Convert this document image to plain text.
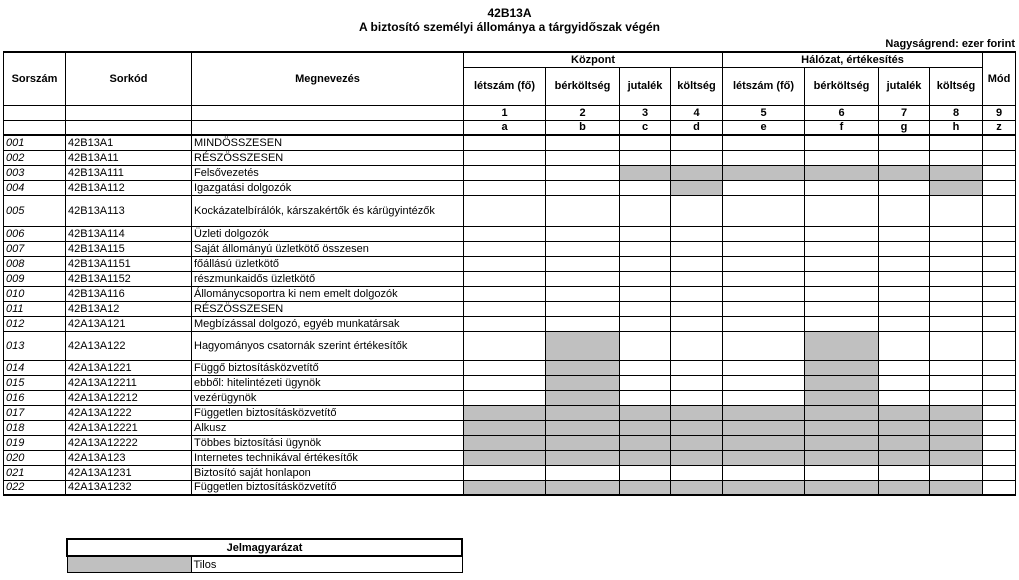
42B13A
A biztosító személyi állománya a tárgyidőszak végén
Nagyságrend: ezer forint
Sorszám	Sorkód	Megnevezés	Központ				Hálózat, értékesítés				Mód
			létszám (fő)	bérköltség	jutalék	költség	létszám (fő)	bérköltség	jutalék	költség	
			1	2	3	4	5	6	7	8	9
			a	b	c	d	e	f	g	h	z
001	42B13A1	MINDÖSSZESEN									
002	42B13A11	RÉSZÖSSZESEN									
003	42B13A111	Felsővezetés									
004	42B13A112	Igazgatási dolgozók									
005	42B13A113	Kockázatelbírálók, kárszakértők és kárügyintézők									
006	42B13A114	Üzleti dolgozók									
007	42B13A115	Saját állományú üzletkötő összesen									
008	42B13A1151	főállású üzletkötő									
009	42B13A1152	részmunkaidős üzletkötő									
010	42B13A116	Állománycsoportra ki nem emelt dolgozók									
011	42B13A12	RÉSZÖSSZESEN									
012	42A13A121	Megbízással dolgozó, egyéb munkatársak									
013	42A13A122	Hagyományos csatornák szerint értékesítők									
014	42A13A1221	Függő biztosításközvetítő									
015	42A13A12211	ebből: hitelintézeti ügynök									
016	42A13A12212	vezérügynök									
017	42A13A1222	Független biztosításközvetítő									
018	42A13A12221	Alkusz									
019	42A13A12222	Többes biztosítási ügynök									
020	42A13A123	Internetes technikával értékesítők									
021	42A13A1231	Biztosító saját honlapon									
022	42A13A1232	Független biztosításközvetítő									
Jelmagyarázat

Tilos
